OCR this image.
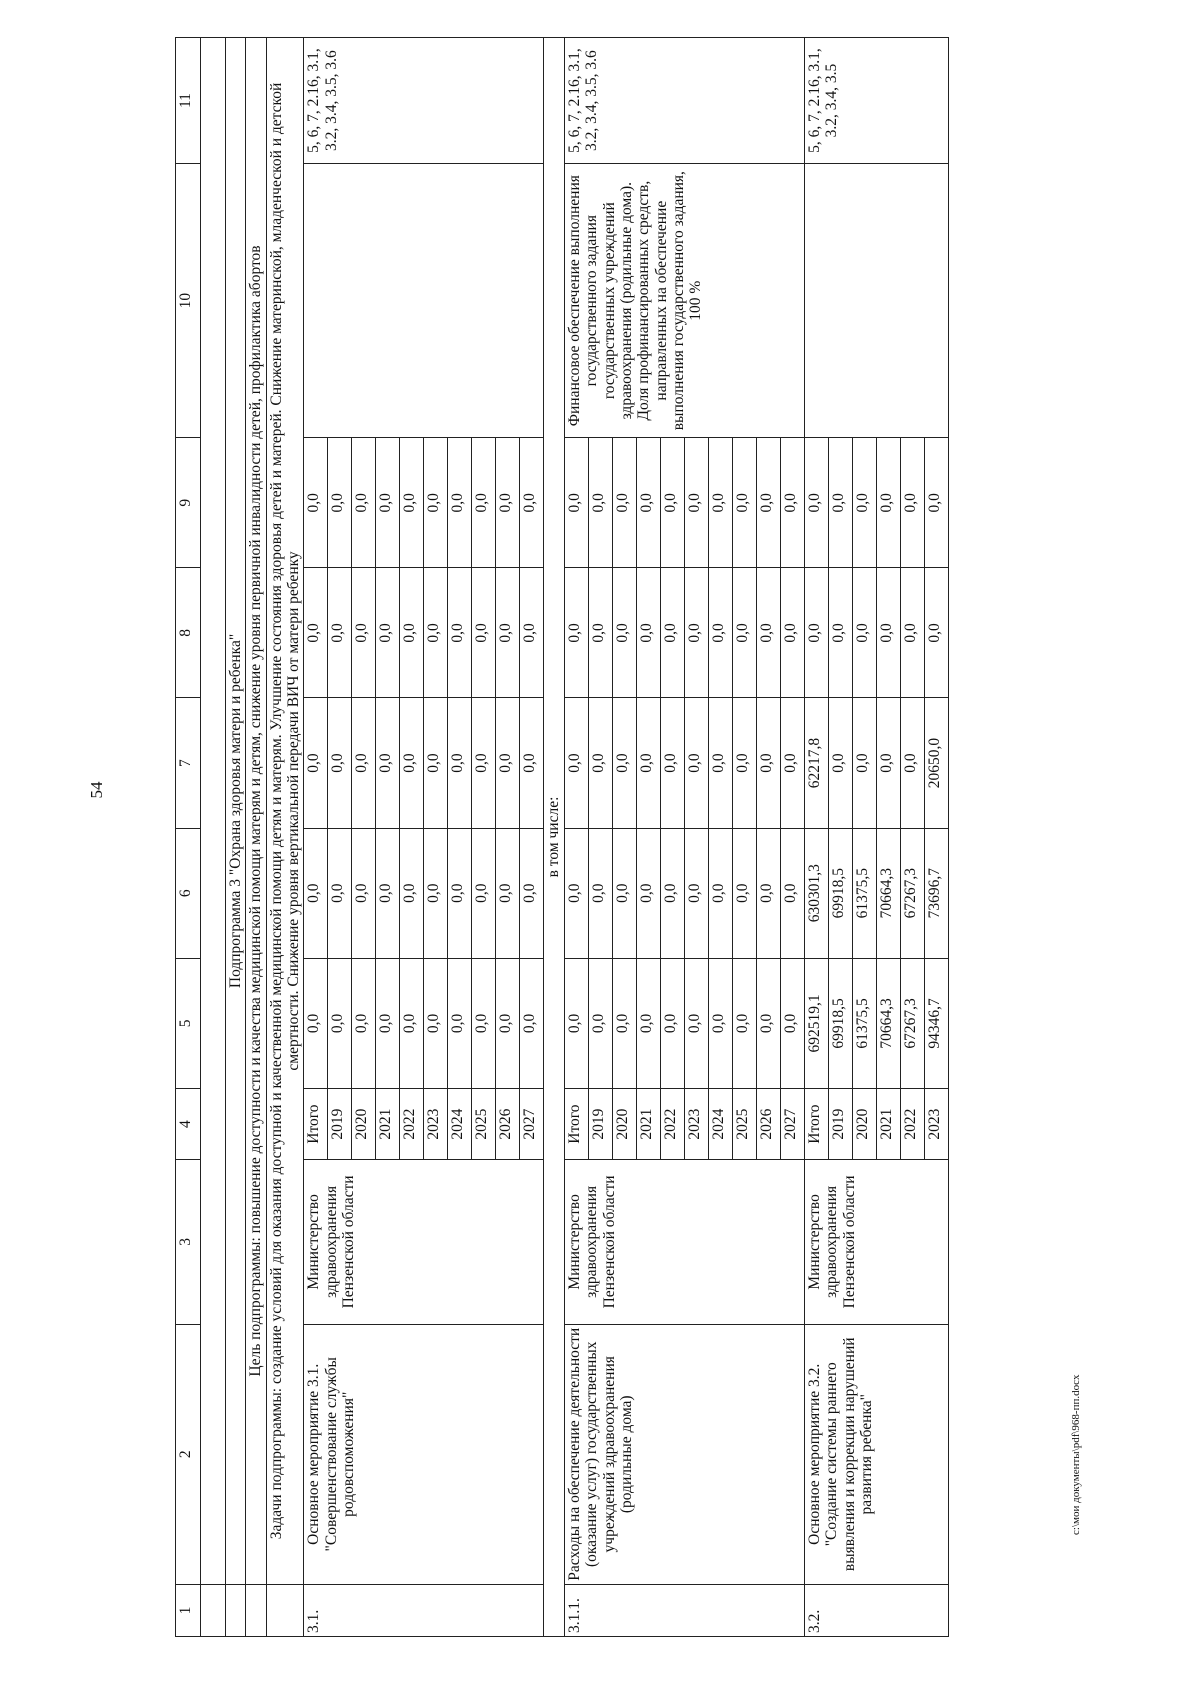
54
c:\мои документы\pdf\968-пп.docx
1	2	3	4	5	6	7	8	9	10	11

	Подпрограмма 3 "Охрана здоровья матери и ребенка"									
	Цель подпрограммы: повышение доступности и качества медицинской помощи матерям и детям, снижение уровня первичной инвалидности детей, профилактика абортов									
	Задачи подпрограммы: создание условий для оказания доступной и качественной медицинской помощи детям и матерям. Улучшение состояния здоровья детей и матерей. Снижение материнской, младенческой и детской смертности. Снижение уровня вертикальной передачи ВИЧ от матери ребенку									
3.1.	Основное мероприятие 3.1. "Совершенствование службы родовспоможения"	Министерство здравоохранения Пензенской области	Итого	0,0	0,0	0,0	0,0	0,0		5, 6, 7, 2.16, 3.1, 3.2, 3.4, 3.5, 3.6
			2019	0,0	0,0	0,0	0,0	0,0		
			2020	0,0	0,0	0,0	0,0	0,0		
			2021	0,0	0,0	0,0	0,0	0,0		
			2022	0,0	0,0	0,0	0,0	0,0		
			2023	0,0	0,0	0,0	0,0	0,0		
			2024	0,0	0,0	0,0	0,0	0,0		
			2025	0,0	0,0	0,0	0,0	0,0		
			2026	0,0	0,0	0,0	0,0	0,0		
			2027	0,0	0,0	0,0	0,0	0,0		
в том числе:										
3.1.1.	Расходы на обеспечение деятельности (оказание услуг) государственных учреждений здравоохранения (родильные дома)	Министерство здравоохранения Пензенской области	Итого	0,0	0,0	0,0	0,0	0,0	Финансовое обеспечение выполнения государственного задания государственных учреждений здравоохранения (родильные дома). Доля профинансированных средств, направленных на обеспечение выполнения государственного задания, 100 %	5, 6, 7, 2.16, 3.1, 3.2, 3.4, 3.5, 3.6
			2019	0,0	0,0	0,0	0,0	0,0		
			2020	0,0	0,0	0,0	0,0	0,0		
			2021	0,0	0,0	0,0	0,0	0,0		
			2022	0,0	0,0	0,0	0,0	0,0		
			2023	0,0	0,0	0,0	0,0	0,0		
			2024	0,0	0,0	0,0	0,0	0,0		
			2025	0,0	0,0	0,0	0,0	0,0		
			2026	0,0	0,0	0,0	0,0	0,0		
			2027	0,0	0,0	0,0	0,0	0,0		
3.2.	Основное мероприятие 3.2. "Создание системы раннего выявления и коррекции нарушений развития ребенка"	Министерство здравоохранения Пензенской области	Итого	692519,1	630301,3	62217,8	0,0	0,0		5, 6, 7, 2.16, 3.1, 3.2, 3.4, 3.5
			2019	69918,5	69918,5	0,0	0,0	0,0		
			2020	61375,5	61375,5	0,0	0,0	0,0		
			2021	70664,3	70664,3	0,0	0,0	0,0		
			2022	67267,3	67267,3	0,0	0,0	0,0		
			2023	94346,7	73696,7	20650,0	0,0	0,0		
